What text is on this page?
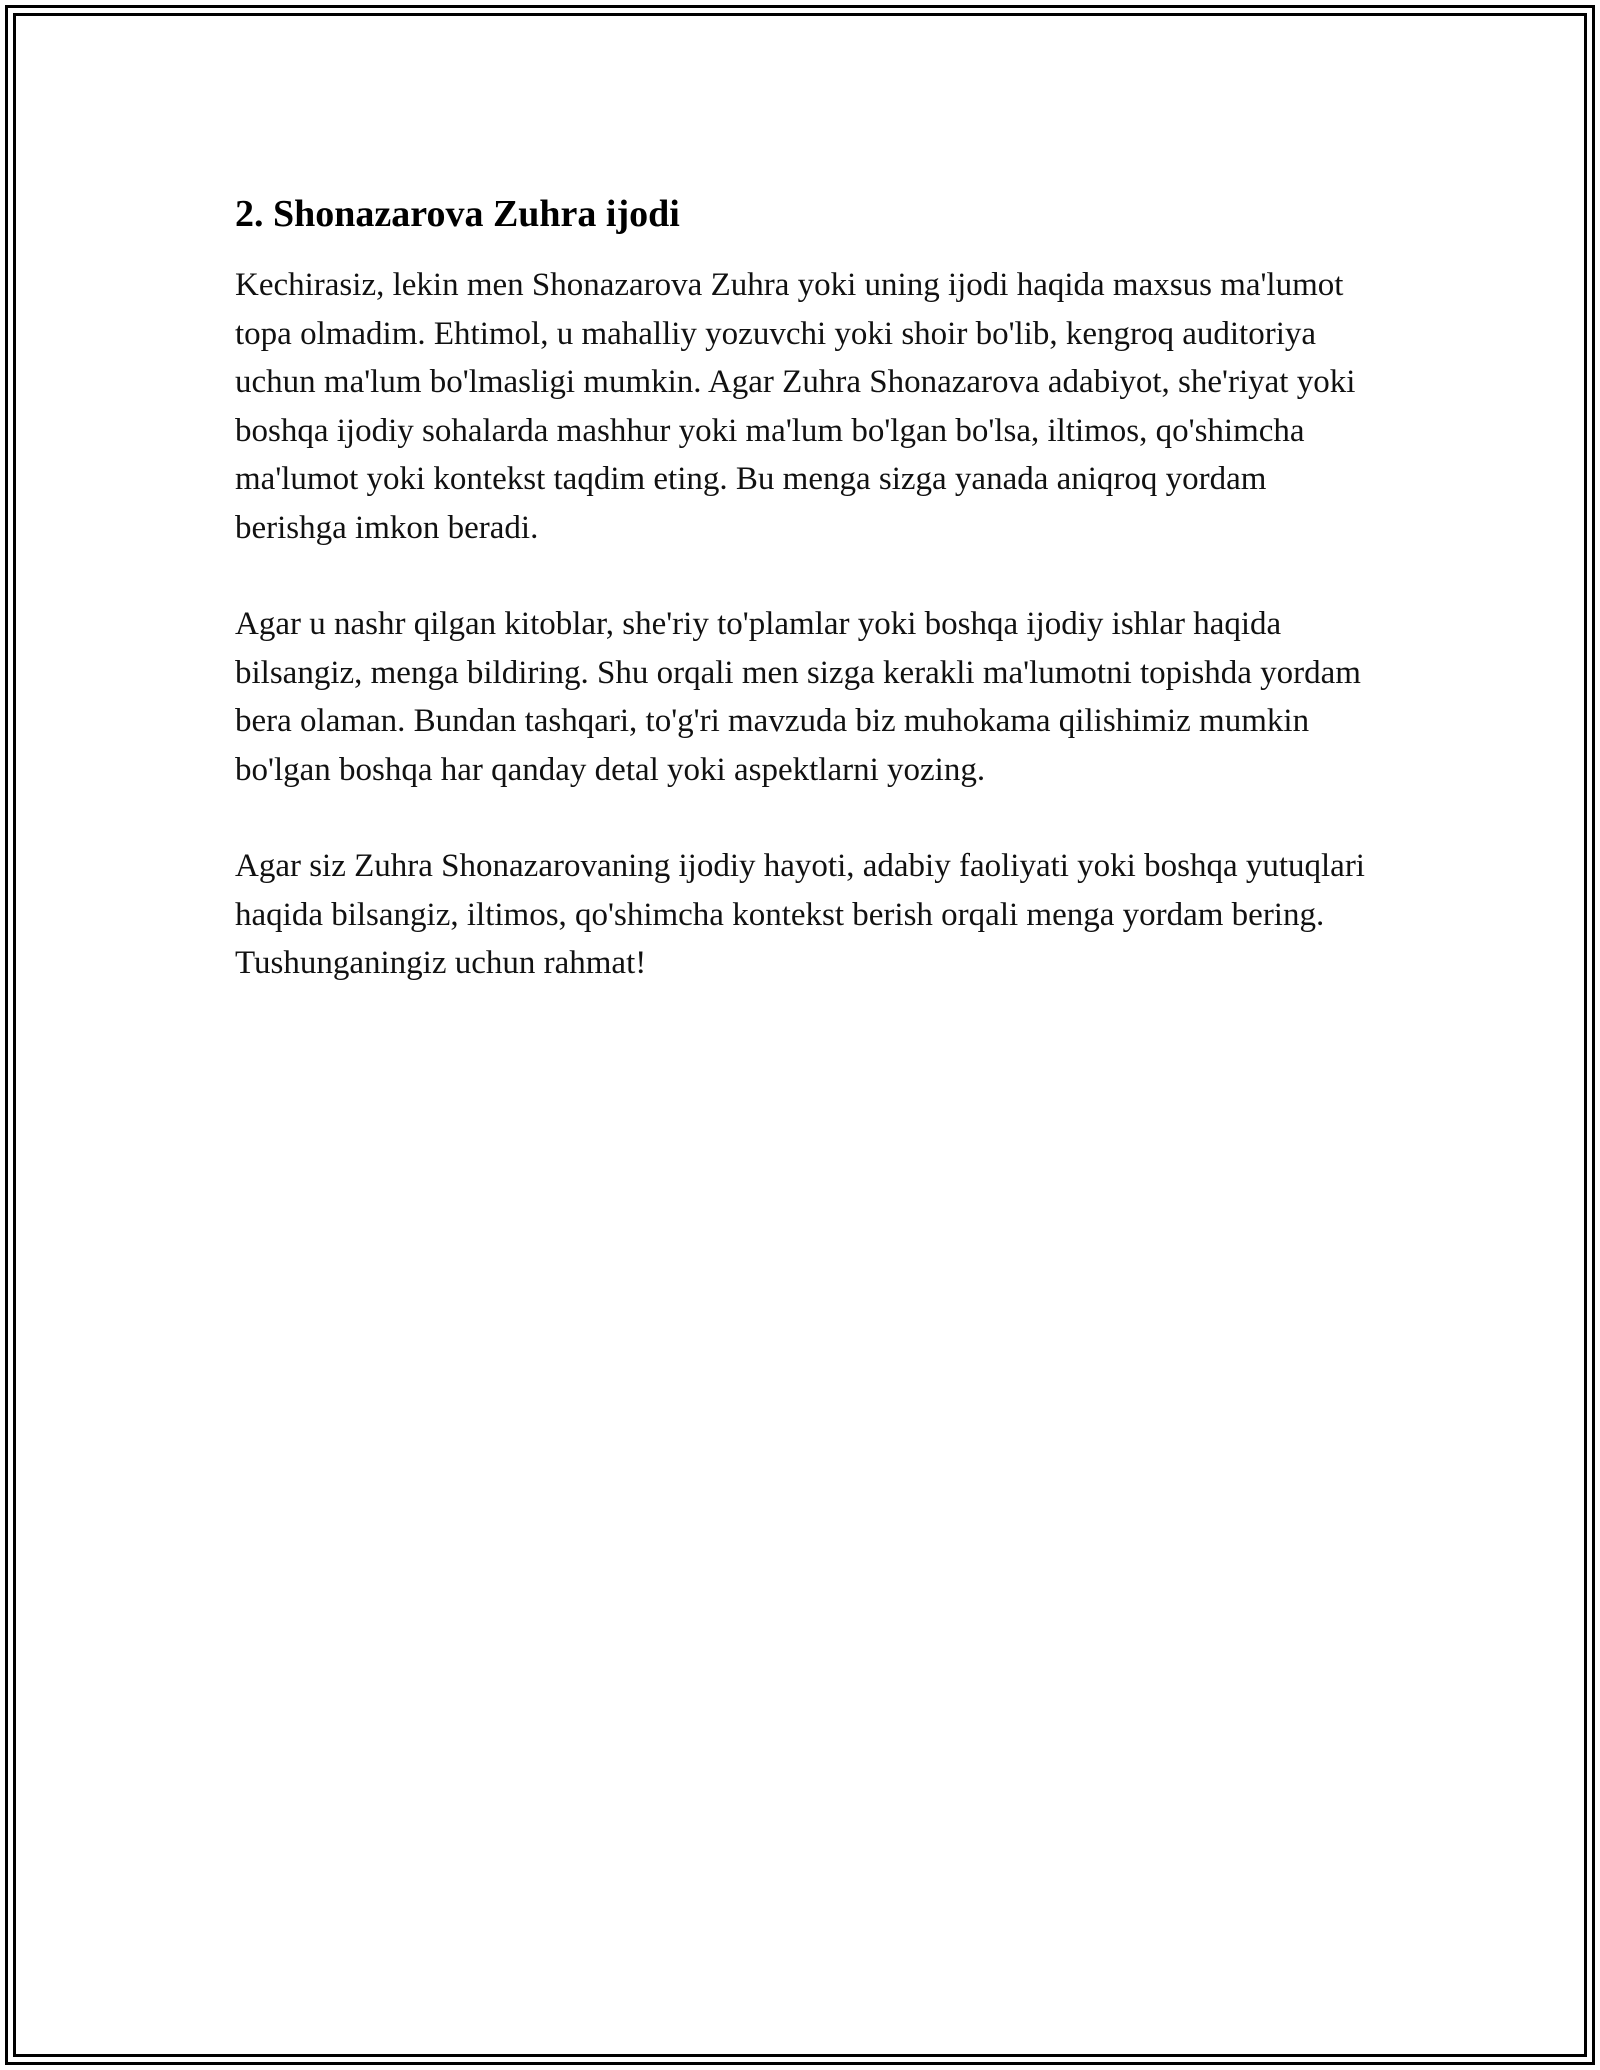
2. Shonazarova Zuhra ijodi

Kechirasiz, lekin men Shonazarova Zuhra yoki uning ijodi haqida maxsus ma'lumot topa olmadim. Ehtimol, u mahalliy yozuvchi yoki shoir bo'lib, kengroq auditoriya uchun ma'lum bo'lmasligi mumkin. Agar Zuhra Shonazarova adabiyot, she'riyat yoki boshqa ijodiy sohalarda mashhur yoki ma'lum bo'lgan bo'lsa, iltimos, qo'shimcha ma'lumot yoki kontekst taqdim eting. Bu menga sizga yanada aniqroq yordam berishga imkon beradi.

Agar u nashr qilgan kitoblar, she'riy to'plamlar yoki boshqa ijodiy ishlar haqida bilsangiz, menga bildiring. Shu orqali men sizga kerakli ma'lumotni topishda yordam bera olaman. Bundan tashqari, to'g'ri mavzuda biz muhokama qilishimiz mumkin bo'lgan boshqa har qanday detal yoki aspektlarni yozing.

Agar siz Zuhra Shonazarovaning ijodiy hayoti, adabiy faoliyati yoki boshqa yutuqlari haqida bilsangiz, iltimos, qo'shimcha kontekst berish orqali menga yordam bering. Tushunganingiz uchun rahmat!
